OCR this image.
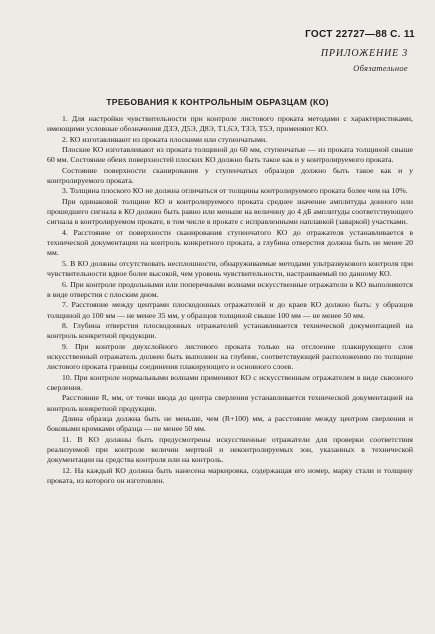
ГОСТ 22727—88 С. 11
ПРИЛОЖЕНИЕ 3
Обязательное
ТРЕБОВАНИЯ К КОНТРОЛЬНЫМ ОБРАЗЦАМ (КО)

1. Для настройки чувствительности при контроле листового проката методами с характеристиками, имеющими условные обозначения ДЗЭ, Д5Э, Д8Э, Т1,6Э, ТЗЭ, Т5Э, применяют КО.

2. КО изготавливают из проката плоскими или ступенчатыми.

Плоские КО изготавливают из проката толщиной до 60 мм, ступенчатые — из проката толщиной свыше 60 мм. Состояние обеих поверхностей плоских КО должно быть такое как и у контролируемого проката.

Состояние поверхности сканирования у ступенчатых образцов должно быть такое как и у контролируемого проката.

3. Толщина плоского КО не должна отличаться от толщины контролируемого проката более чем на 10%.

При одинаковой толщине КО и контролируемого проката среднее значение амплитуды донного или прошедшего сигнала в КО должно быть равно или меньше на величину до 4 дБ амплитуды соответствующего сигнала в контролируемом прокате, в том числе в прокате с исправленными наплавкой (заваркой) участками.

4. Расстояние от поверхности сканирования ступенчатого КО до отражателя устанавливается в технической документации на контроль конкретного проката, а глубина отверстия должна быть не менее 20 мм.

5. В КО должны отсутствовать несплошности, обнаруживаемые методами ультразвукового контроля при чувствительности вдвое более высокой, чем уровень чувствительности, настраиваемый по данному КО.

6. При контроле продольными или поперечными волнами искусственные отражатели в КО выполняются в виде отверстия с плоским дном.

7. Расстояние между центрами плоскодонных отражателей и до краев КО должно быть: у образцов толщиной до 100 мм — не менее 35 мм, у образцов толщиной свыше 100 мм — не менее 50 мм.

8. Глубина отверстия плоскодонных отражателей устанавливается технической документацией на контроль конкретной продукции.

9. При контроле двухслойного листового проката только на отслоение плакирующего слоя искусственный отражатель должен быть выполнен на глубине, соответствующей расположению по толщине листового проката границы соединения плакирующего и основного слоев.

10. При контроле нормальными волнами применяют КО с искусственным отражателем в виде сквозного сверления.

Расстояние R, мм, от точки ввода до центра сверления устанавливается технической документацией на контроль конкретной продукции.

Длина образца должна быть не меньше, чем (R+100) мм, а расстояние между центром сверления и боковыми кромками образца — не менее 50 мм.

11. В КО должны быть предусмотрены искусственные отражатели для проверки соответствия реализуемой при контроле величин мертвой и неконтролируемых зон, указанных в технической документации на средства контроля или на контроль.

12. На каждый КО должна быть нанесена маркировка, содержащая его номер, марку стали и толщину проката, из которого он изготовлен.
